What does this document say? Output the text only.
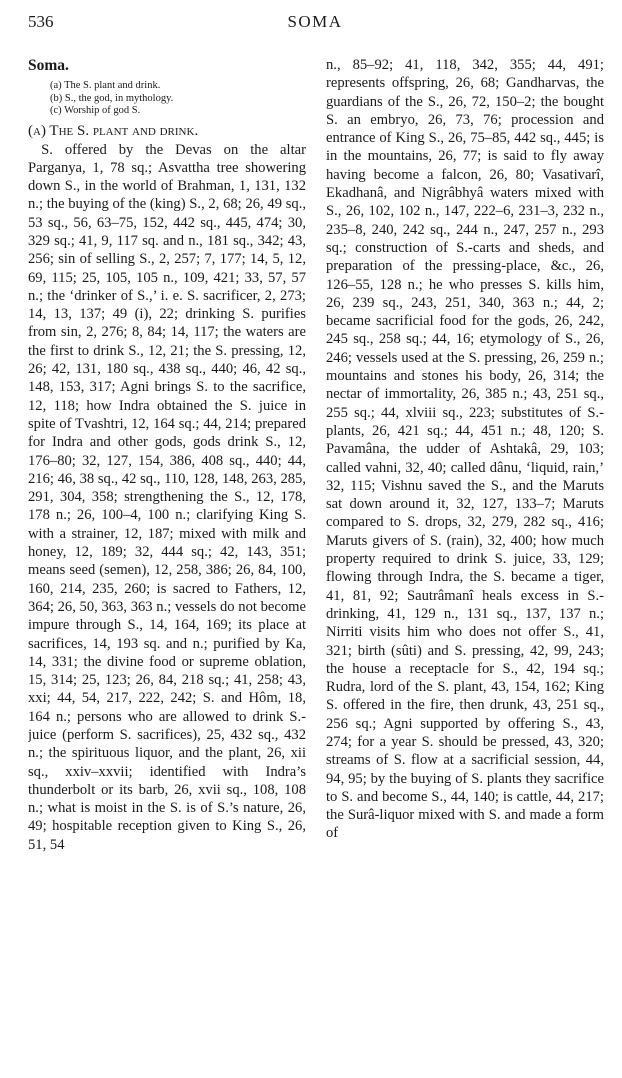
536	SOMA
Soma.
(a) The S. plant and drink.
(b) S., the god, in mythology.
(c) Worship of god S.
(a) The S. plant and drink.

S. offered by the Devas on the altar Parganya, 1, 78 sq.; Asvattha tree showering down S., in the world of Brahman, 1, 131, 132 n.; the buying of the (king) S., 2, 68; 26, 49 sq., 53 sq., 56, 63–75, 152, 442 sq., 445, 474; 30, 329 sq.; 41, 9, 117 sq. and n., 181 sq., 342; 43, 256; sin of selling S., 2, 257; 7, 177; 14, 5, 12, 69, 115; 25, 105, 105 n., 109, 421; 33, 57, 57 n.; the ‘drinker of S.,’ i. e. S. sacrificer, 2, 273; 14, 13, 137; 49 (i), 22; drinking S. purifies from sin, 2, 276; 8, 84; 14, 117; the waters are the first to drink S., 12, 21; the S. pressing, 12, 26; 42, 131, 180 sq., 438 sq., 440; 46, 42 sq., 148, 153, 317; Agni brings S. to the sacrifice, 12, 118; how Indra obtained the S. juice in spite of Tvashtri, 12, 164 sq.; 44, 214; prepared for Indra and other gods, gods drink S., 12, 176–80; 32, 127, 154, 386, 408 sq., 440; 44, 216; 46, 38 sq., 42 sq., 110, 128, 148, 263, 285, 291, 304, 358; strengthening the S., 12, 178, 178 n.; 26, 100–4, 100 n.; clarifying King S. with a strainer, 12, 187; mixed with milk and honey, 12, 189; 32, 444 sq.; 42, 143, 351; means seed (semen), 12, 258, 386; 26, 84, 100, 160, 214, 235, 260; is sacred to Fathers, 12, 364; 26, 50, 363, 363 n.; vessels do not become impure through S., 14, 164, 169; its place at sacrifices, 14, 193 sq. and n.; purified by Ka, 14, 331; the divine food or supreme oblation, 15, 314; 25, 123; 26, 84, 218 sq.; 41, 258; 43, xxi; 44, 54, 217, 222, 242; S. and Hôm, 18, 164 n.; persons who are allowed to drink S.-juice (perform S. sacrifices), 25, 432 sq., 432 n.; the spirituous liquor, and the plant, 26, xii sq., xxiv–xxvii; identified with Indra’s thunderbolt or its barb, 26, xvii sq., 108, 108 n.; what is moist in the S. is of S.’s nature, 26, 49; hospitable reception given to King S., 26, 51, 54

n., 85–92; 41, 118, 342, 355; 44, 491; represents offspring, 26, 68; Gandharvas, the guardians of the S., 26, 72, 150–2; the bought S. an embryo, 26, 73, 76; procession and entrance of King S., 26, 75–85, 442 sq., 445; is in the mountains, 26, 77; is said to fly away having become a falcon, 26, 80; Vasativarî, Ekadhanâ, and Nigrâbhyâ waters mixed with S., 26, 102, 102 n., 147, 222–6, 231–3, 232 n., 235–8, 240, 242 sq., 244 n., 247, 257 n., 293 sq.; construction of S.-carts and sheds, and preparation of the pressing-place, &c., 26, 126–55, 128 n.; he who presses S. kills him, 26, 239 sq., 243, 251, 340, 363 n.; 44, 2; became sacrificial food for the gods, 26, 242, 245 sq., 258 sq.; 44, 16; etymology of S., 26, 246; vessels used at the S. pressing, 26, 259 n.; mountains and stones his body, 26, 314; the nectar of immortality, 26, 385 n.; 43, 251 sq., 255 sq.; 44, xlviii sq., 223; substitutes of S.-plants, 26, 421 sq.; 44, 451 n.; 48, 120; S. Pavamâna, the udder of Ashtakâ, 29, 103; called vahni, 32, 40; called dânu, ‘liquid, rain,’ 32, 115; Vishnu saved the S., and the Maruts sat down around it, 32, 127, 133–7; Maruts compared to S. drops, 32, 279, 282 sq., 416; Maruts givers of S. (rain), 32, 400; how much property required to drink S. juice, 33, 129; flowing through Indra, the S. became a tiger, 41, 81, 92; Sautrâmanî heals excess in S.-drinking, 41, 129 n., 131 sq., 137, 137 n.; Nirriti visits him who does not offer S., 41, 321; birth (sûti) and S. pressing, 42, 99, 243; the house a receptacle for S., 42, 194 sq.; Rudra, lord of the S. plant, 43, 154, 162; King S. offered in the fire, then drunk, 43, 251 sq., 256 sq.; Agni supported by offering S., 43, 274; for a year S. should be pressed, 43, 320; streams of S. flow at a sacrificial session, 44, 94, 95; by the buying of S. plants they sacrifice to S. and become S., 44, 140; is cattle, 44, 217; the Surâ-liquor mixed with S. and made a form of
